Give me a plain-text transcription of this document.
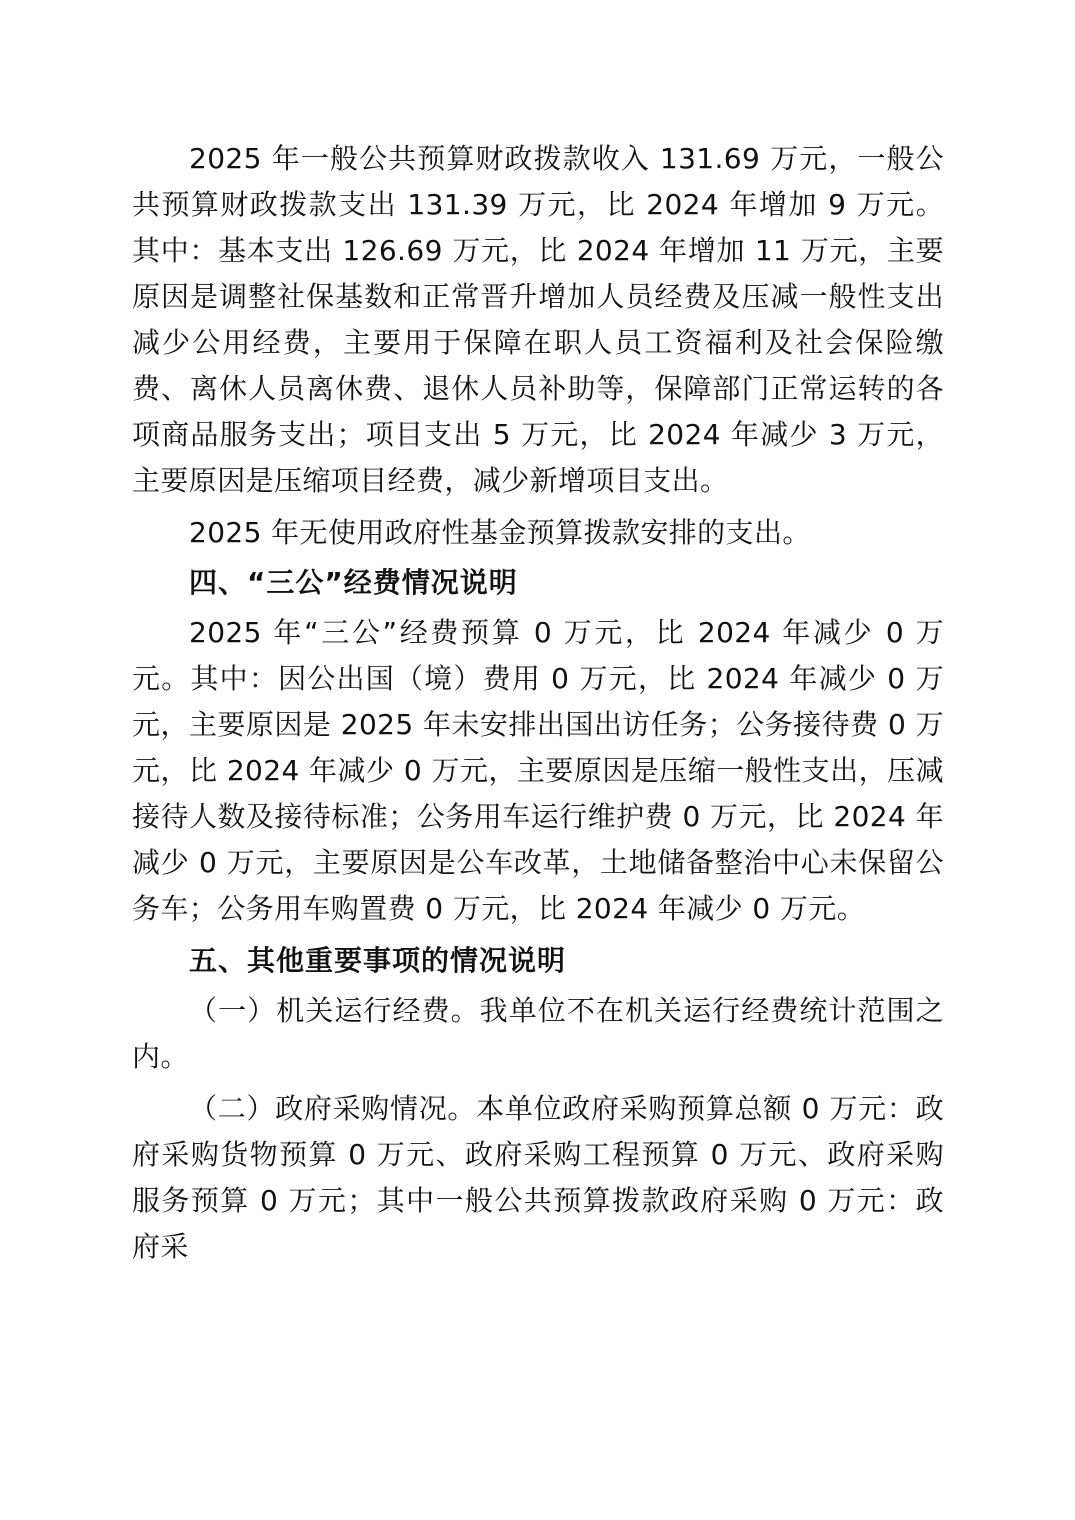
2025 年一般公共预算财政拨款收入 131.69 万元，一般公共预算财政拨款支出 131.39 万元，比 2024 年增加 9 万元。其中：基本支出 126.69 万元，比 2024 年增加 11 万元，主要原因是调整社保基数和正常晋升增加人员经费及压减一般性支出减少公用经费，主要用于保障在职人员工资福利及社会保险缴费、离休人员离休费、退休人员补助等，保障部门正常运转的各项商品服务支出；项目支出 5 万元，比 2024 年减少 3 万元，主要原因是压缩项目经费，减少新增项目支出。

2025 年无使用政府性基金预算拨款安排的支出。

四、“三公”经费情况说明

2025 年“三公”经费预算 0 万元，比 2024 年减少 0 万元。其中：因公出国（境）费用 0 万元，比 2024 年减少 0 万元，主要原因是 2025 年未安排出国出访任务；公务接待费 0 万元，比 2024 年减少 0 万元，主要原因是压缩一般性支出，压减接待人数及接待标准；公务用车运行维护费 0 万元，比 2024 年减少 0 万元，主要原因是公车改革，土地储备整治中心未保留公务车；公务用车购置费 0 万元，比 2024 年减少 0 万元。

五、其他重要事项的情况说明

（一）机关运行经费。我单位不在机关运行经费统计范围之内。

（二）政府采购情况。本单位政府采购预算总额 0 万元：政府采购货物预算 0 万元、政府采购工程预算 0 万元、政府采购服务预算 0 万元；其中一般公共预算拨款政府采购 0 万元：政府采
